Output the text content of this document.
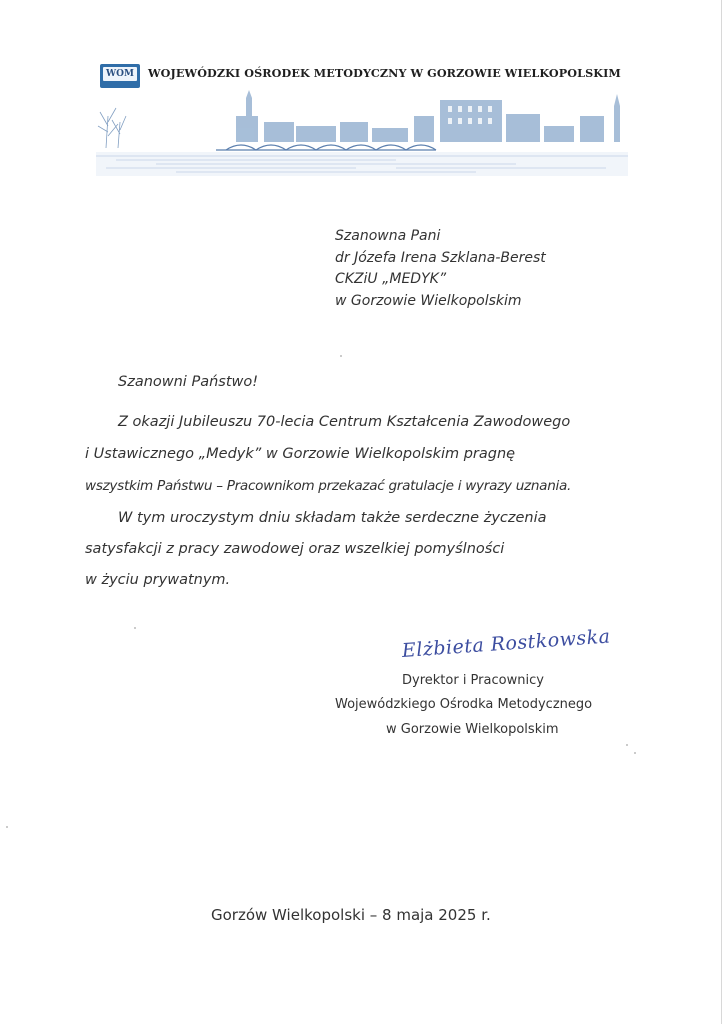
WOM WOJEWÓDZKI OŚRODEK METODYCZNY W GORZOWIE WIELKOPOLSKIM
Szanowna Pani
dr Józefa Irena Szklana-Berest
CKZiU „MEDYK”
w Gorzowie Wielkopolskim
Szanowni Państwo!
Z okazji Jubileuszu 70-lecia Centrum Kształcenia Zawodowego
i Ustawicznego „Medyk” w Gorzowie Wielkopolskim pragnę
wszystkim Państwu – Pracownikom przekazać gratulacje i wyrazy uznania.
W tym uroczystym dniu składam także serdeczne życzenia
satysfakcji z pracy zawodowej oraz wszelkiej pomyślności
w życiu prywatnym.
Elżbieta Rostkowska
Dyrektor i Pracownicy
Wojewódzkiego Ośrodka Metodycznego
w Gorzowie Wielkopolskim
Gorzów Wielkopolski – 8 maja 2025 r.
